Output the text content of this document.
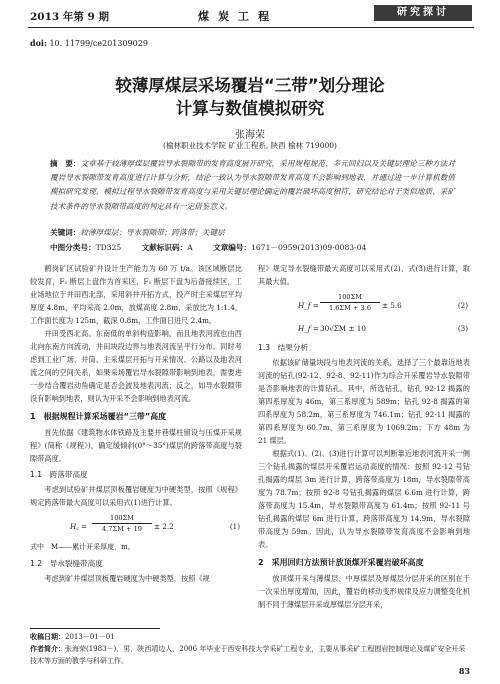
2013 年第 9 期	煤炭工程	研究探讨
doi: 10. 11799/ce201309029
较薄厚煤层采场覆岩“三带”划分理论
计算与数值模拟研究
张海荣
(榆林职业技术学院 矿业工程系, 陕西 榆林 719000)
摘　要：文章基于较薄厚煤层覆岩导水裂隙带的发育高度展开研究，采用规程规范、多元回归以及关键层理论三种方法对覆岩导水裂隙带发育高度进行计算与分析，结论一致认为导水裂隙带发育高度不会影响到地表，并通过进一步计算机数值模拟研究发现，模拟过程导水裂隙带发育高度与采用关键层理论确定的覆岩破坏高度相符，研究结论对于类似地质、采矿技术条件的导水裂隙带高度的判定具有一定借鉴意义。
关键词：较薄厚煤层；导水裂隙带；跨落带；关键层
中图分类号：TD325	文献标识码：A	文章编号：1671－0959(2013)09-0083-04

鹤岗矿区试验矿井设计生产能力为 60 万 t/a。该区域断层比较发育，F₁ 断层上盘作为首采区，F₁ 断层下盘为后备接续区，工业场地位于井田西北部，采用斜井开拓方式，投产时主采煤层平均厚度 4.8m，平均采高 2.0m，放煤高度 2.8m，采放比为 1:1.4，工作面长度为 125m，截深 0.8m，工作面日进尺 2.4m。

井田受西北高、东南低的单斜构造影响，而且地表河流也由西北向东南方向流动，井田块段边界与地表河流呈平行分布。同时考虑到工业广场、井筒、主采煤层开拓与开采情况、公路以及地表河流之间的空间关系，如果采场覆岩导水裂隙带影响到地表，需要进一步结合覆岩动角确定是否会波及地表河流；反之，如导水裂隙带没有影响到地表，则认为开采不会影响到地表河流。

1　根据规程计算采场覆岩“三带”高度

首先依据《建筑物水体铁路及主要井巷煤柱留设与压煤开采规程》(简称《规程》)，确定缓倾斜(0°～35°)煤层的跨落带高度与裂隙带高度。

1.1　跨落带高度

考虑到试验矿井煤层顶板覆岩硬度为中硬类型，按照《规程》规定跨落带最大高度可以采用式(1)进行计算。

H꜀ = $\frac{100\Sigma M}{4.7\Sigma M + 19} \pm 2.2$	(1)
式中　M——累计开采厚度，m。
1.2　导水裂缝带高度

考虑到矿井煤层顶板覆岩硬度为中硬类型，按照《规

程》规定导水裂缝带最大高度可以采用式(2)、式(3)进行计算，取其最大值。

H_f = $\frac{100\Sigma M}{1.6\Sigma M + 3.6} \pm 5.6$	(2)
H_f = 30√ΣM ± 10	(3)
1.3　结果分析

依据该矿储量块段与地表河流的关系，选择了三个最靠近地表河流的钻孔(92-12、92-8、92-11)作为综合开采覆岩导水裂隙带是否影响地表的计算钻孔。其中，所选钻孔，钻孔 92-12 揭露的第四系厚度为 46m，第三系厚度为 589m；钻孔 92-8 揭露的第四系厚度为 58.2m，第三系厚度为 746.1m；钻孔 92-11 揭露的第四系厚度为 60.7m，第三系厚度为 1069.2m；下方 48m 为 21 煤层。

根据式(1)、(2)、(3)进行计算可以判断靠近地表河流开采一侧三个钻孔揭露的煤层开采覆岩运动高度的情况：按照 92-12 号钻孔揭露的煤层 3m 进行计算，跨落带高度为 18m，导水裂隙带高度为 78.7m；按照 92-8 号钻孔揭露的煤层 6.6m 进行计算，跨落带高度为 15.4m，导水裂隙带高度为 61.4m；按照 92-11 号钻孔揭露的煤层 6m 进行计算，跨落带高度为 14.9m，导水裂隙带高度为 59m。因此，认为导水裂隙带发育高度不会影响到地表。

2　采用回归方法预计放顶煤开采覆岩破坏高度

放顶煤开采与薄煤层、中厚煤层及厚煤层分层开采的区别在于一次采出厚度增加，因此，覆岩的移动变形规律及应力调整变化机制不同于薄煤层开采或厚煤层分层开采，

收稿日期：2013－01－01
作者简介：张海荣(1983－)，男，陕西靖边人，2006 年毕业于西安科技大学采矿工程专业，主要从事采矿工程围岩控制理论及煤矿安全开采技术等方面的教学与科研工作。
83
